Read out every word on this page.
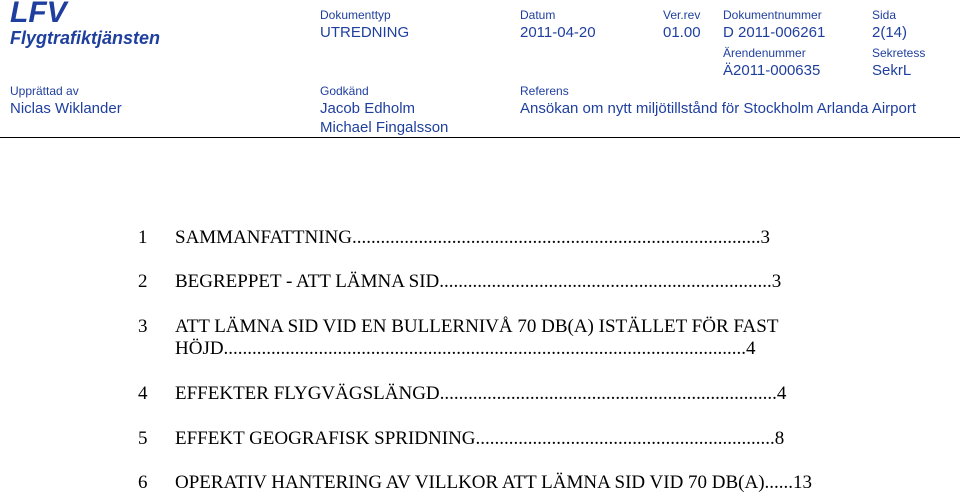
LFV
Flygtrafiktjänsten
Dokumenttyp
UTREDNING
Datum
2011-04-20
Ver.rev
01.00
Dokumentnummer
D 2011-006261
Sida
2(14)
Ärendenummer
Ä2011-000635
Sekretess
SekrL
Upprättad av
Niclas Wiklander
Godkänd
Jacob Edholm
Michael Fingalsson
Referens
Ansökan om nytt miljötillstånd för Stockholm Arlanda Airport
1 SAMMANFATTNING......................................................................................3
2 BEGREPPET - ATT LÄMNA SID......................................................................3
3 ATT LÄMNA SID VID EN BULLERNIVÅ 70 DB(A) ISTÄLLET FÖR FAST
HÖJD..............................................................................................................4
4 EFFEKTER FLYGVÄGSLÄNGD.......................................................................4
5 EFFEKT GEOGRAFISK SPRIDNING...............................................................8
6 OPERATIV HANTERING AV VILLKOR ATT LÄMNA SID VID 70 DB(A)......13
